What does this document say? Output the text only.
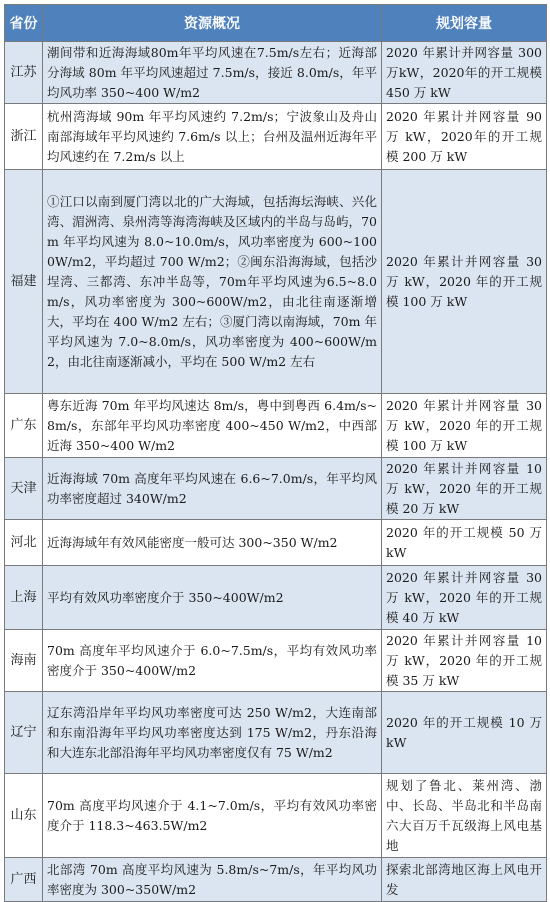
省份	资源概况	规划容量
江苏	潮间带和近海海域80m年平均风速在7.5m/s左右；近海部分海域 80m 年平均风速超过 7.5m/s，接近 8.0m/s，年平均风功率 350~400 W/m2	2020 年累计并网容量 300万kW，2020年的开工规模 450 万 kW
浙江	杭州湾海域 90m 年平均风速约 7.2m/s；宁波象山及舟山南部海域年平均风速约 7.6m/s 以上；台州及温州近海年平均风速约在 7.2m/s 以上	2020 年累计并网容量 90 万 kW，2020年的开工规模 200 万 kW
福建	①江口以南到厦门湾以北的广大海域，包括海坛海峡、兴化湾、湄洲湾、泉州湾等海湾海峡及区域内的半岛与岛屿，70m 年平均风速为 8.0~10.0m/s，风功率密度为 600~1000W/m2，平均超过 700 W/m2；②闽东沿海海域，包括沙埕湾、三都湾、东冲半岛等，70m年平均风速为6.5~8.0m/s，风功率密度为 300~600W/m2，由北往南逐渐增大，平均在 400 W/m2 左右；③厦门湾以南海域，70m 年平均风速为 7.0~8.0m/s，风功率密度为 400~600W/m2，由北往南逐渐减小，平均在 500 W/m2 左右	2020 年累计并网容量 30 万 kW，2020 年的开工规模 100 万 kW
广东	粤东近海 70m 年平均风速达 8m/s，粤中到粤西 6.4m/s~8m/s，东部年平均风功率密度 400~450 W/m2，中西部近海 350~400 W/m2	2020 年累计并网容量 30 万 kW，2020 年的开工规模 100 万 kW
天津	近海海域 70m 高度年平均风速在 6.6~7.0m/s，年平均风功率密度超过 340W/m2	2020 年累计并网容量 10 万 kW，2020 年的开工规模 20 万 kW
河北	近海海域年有效风能密度一般可达 300~350 W/m2	2020 年的开工规模 50 万 kW
上海	平均有效风功率密度介于 350~400W/m2	2020 年累计并网容量 30 万 kW，2020 年的开工规模 40 万 kW
海南	70m 高度年平均风速介于 6.0~7.5m/s，平均有效风功率密度介于 350~400W/m2	2020 年累计并网容量 10 万 kW，2020 年的开工规模 35 万 kW
辽宁	辽东湾沿岸年平均风功率密度可达 250 W/m2，大连南部和东南沿海年平均风功率密度达到 175 W/m2，丹东沿海和大连东北部沿海年平均风功率密度仅有 75 W/m2	2020 年的开工规模 10 万 kW
山东	70m 高度平均风速介于 4.1~7.0m/s，平均有效风功率密度介于 118.3~463.5W/m2	规划了鲁北、莱州湾、渤中、长岛、半岛北和半岛南六大百万千瓦级海上风电基地
广西	北部湾 70m 高度平均风速为 5.8m/s~7m/s，年平均风功率密度为 300~350W/m2	探索北部湾地区海上风电开发
